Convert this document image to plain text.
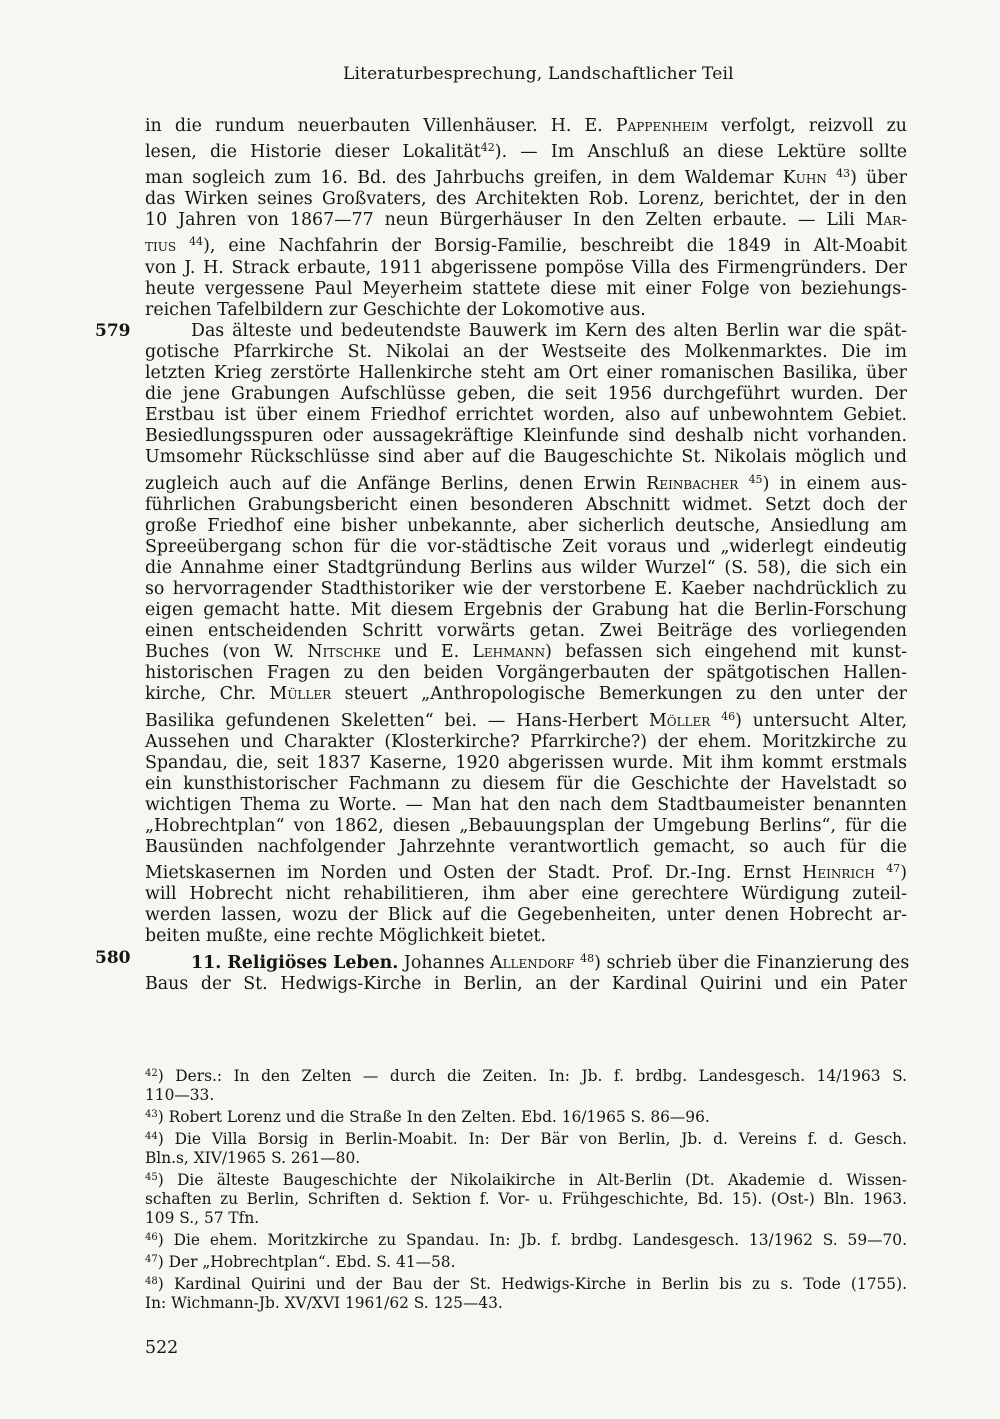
Literaturbesprechung, Landschaftlicher Teil
in die rundum neuerbauten Villenhäuser. H. E. Pappenheim verfolgt, reizvoll zu
lesen, die Historie dieser Lokalität$^{42}$). — Im Anschluß an diese Lektüre sollte
man sogleich zum 16. Bd. des Jahrbuchs greifen, in dem Waldemar Kuhn $^{43}$) über
das Wirken seines Großvaters, des Architekten Rob. Lorenz, berichtet, der in den
10 Jahren von 1867—77 neun Bürgerhäuser In den Zelten erbaute. — Lili Mar-
tius $^{44}$), eine Nachfahrin der Borsig-Familie, beschreibt die 1849 in Alt-Moabit
von J. H. Strack erbaute, 1911 abgerissene pompöse Villa des Firmengründers. Der
heute vergessene Paul Meyerheim stattete diese mit einer Folge von beziehungs-
reichen Tafelbildern zur Geschichte der Lokomotive aus.
579	Das älteste und bedeutendste Bauwerk im Kern des alten Berlin war die spät-
gotische Pfarrkirche St. Nikolai an der Westseite des Molkenmarktes. Die im
letzten Krieg zerstörte Hallenkirche steht am Ort einer romanischen Basilika, über
die jene Grabungen Aufschlüsse geben, die seit 1956 durchgeführt wurden. Der
Erstbau ist über einem Friedhof errichtet worden, also auf unbewohntem Gebiet.
Besiedlungsspuren oder aussagekräftige Kleinfunde sind deshalb nicht vorhanden.
Umsomehr Rückschlüsse sind aber auf die Baugeschichte St. Nikolais möglich und
zugleich auch auf die Anfänge Berlins, denen Erwin Reinbacher $^{45}$) in einem aus-
führlichen Grabungsbericht einen besonderen Abschnitt widmet. Setzt doch der
große Friedhof eine bisher unbekannte, aber sicherlich deutsche, Ansiedlung am
Spreeübergang schon für die vor-städtische Zeit voraus und „widerlegt eindeutig
die Annahme einer Stadtgründung Berlins aus wilder Wurzel“ (S. 58), die sich ein
so hervorragender Stadthistoriker wie der verstorbene E. Kaeber nachdrücklich zu
eigen gemacht hatte. Mit diesem Ergebnis der Grabung hat die Berlin-Forschung
einen entscheidenden Schritt vorwärts getan. Zwei Beiträge des vorliegenden
Buches (von W. Nitschke und E. Lehmann) befassen sich eingehend mit kunst-
historischen Fragen zu den beiden Vorgängerbauten der spätgotischen Hallen-
kirche, Chr. Müller steuert „Anthropologische Bemerkungen zu den unter der
Basilika gefundenen Skeletten“ bei. — Hans-Herbert Möller $^{46}$) untersucht Alter,
Aussehen und Charakter (Klosterkirche? Pfarrkirche?) der ehem. Moritzkirche zu
Spandau, die, seit 1837 Kaserne, 1920 abgerissen wurde. Mit ihm kommt erstmals
ein kunsthistorischer Fachmann zu diesem für die Geschichte der Havelstadt so
wichtigen Thema zu Worte. — Man hat den nach dem Stadtbaumeister benannten
„Hobrechtplan“ von 1862, diesen „Bebauungsplan der Umgebung Berlins“, für die
Bausünden nachfolgender Jahrzehnte verantwortlich gemacht, so auch für die
Mietskasernen im Norden und Osten der Stadt. Prof. Dr.-Ing. Ernst Heinrich $^{47}$)
will Hobrecht nicht rehabilitieren, ihm aber eine gerechtere Würdigung zuteil-
werden lassen, wozu der Blick auf die Gegebenheiten, unter denen Hobrecht ar-
beiten mußte, eine rechte Möglichkeit bietet.
580	11. Religiöses Leben. Johannes Allendorf $^{48}$) schrieb über die Finanzierung des
Baus der St. Hedwigs-Kirche in Berlin, an der Kardinal Quirini und ein Pater
$^{42}$) Ders.: In den Zelten — durch die Zeiten. In: Jb. f. brdbg. Landesgesch. 14/1963 S.
110—33.
$^{43}$) Robert Lorenz und die Straße In den Zelten. Ebd. 16/1965 S. 86—96.
$^{44}$) Die Villa Borsig in Berlin-Moabit. In: Der Bär von Berlin, Jb. d. Vereins f. d. Gesch.
Bln.s, XIV/1965 S. 261—80.
$^{45}$) Die älteste Baugeschichte der Nikolaikirche in Alt-Berlin (Dt. Akademie d. Wissen-
schaften zu Berlin, Schriften d. Sektion f. Vor- u. Frühgeschichte, Bd. 15). (Ost-) Bln. 1963.
109 S., 57 Tfn.
$^{46}$) Die ehem. Moritzkirche zu Spandau. In: Jb. f. brdbg. Landesgesch. 13/1962 S. 59—70.
$^{47}$) Der „Hobrechtplan“. Ebd. S. 41—58.
$^{48}$) Kardinal Quirini und der Bau der St. Hedwigs-Kirche in Berlin bis zu s. Tode (1755).
In: Wichmann-Jb. XV/XVI 1961/62 S. 125—43.
522
